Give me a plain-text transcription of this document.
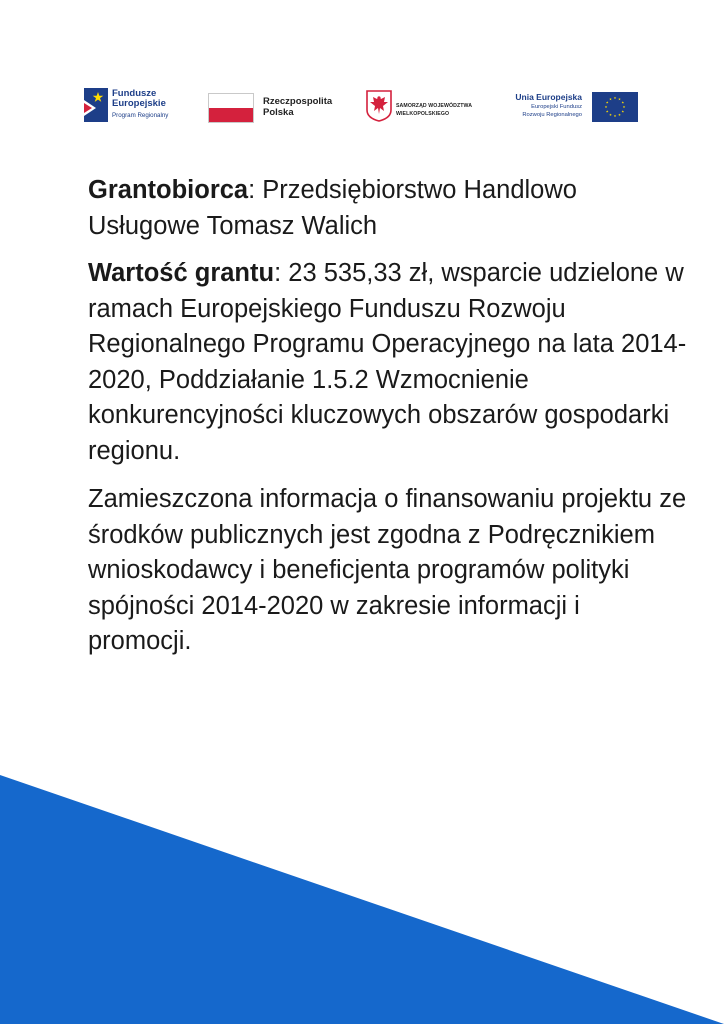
Fundusze
Europejskie
Program Regionalny
Rzeczpospolita
Polska
SAMORZĄD WOJEWÓDZTWA
WIELKOPOLSKIEGO
Unia Europejska
Europejski Fundusz
Rozwoju Regionalnego

Grantobiorca: Przedsiębiorstwo Handlowo Usługowe Tomasz Walich

Wartość grantu: 23 535,33 zł, wsparcie udzielone w ramach Europejskiego Funduszu Rozwoju Regionalnego Programu Operacyjnego na lata 2014-2020, Poddziałanie 1.5.2 Wzmocnienie konkurencyjności kluczowych obszarów gospodarki regionu.

Zamieszczona informacja o finansowaniu projektu ze środków publicznych jest zgodna z Podręcznikiem wnioskodawcy i beneficjenta programów polityki spójności 2014-2020 w zakresie informacji i promocji.
